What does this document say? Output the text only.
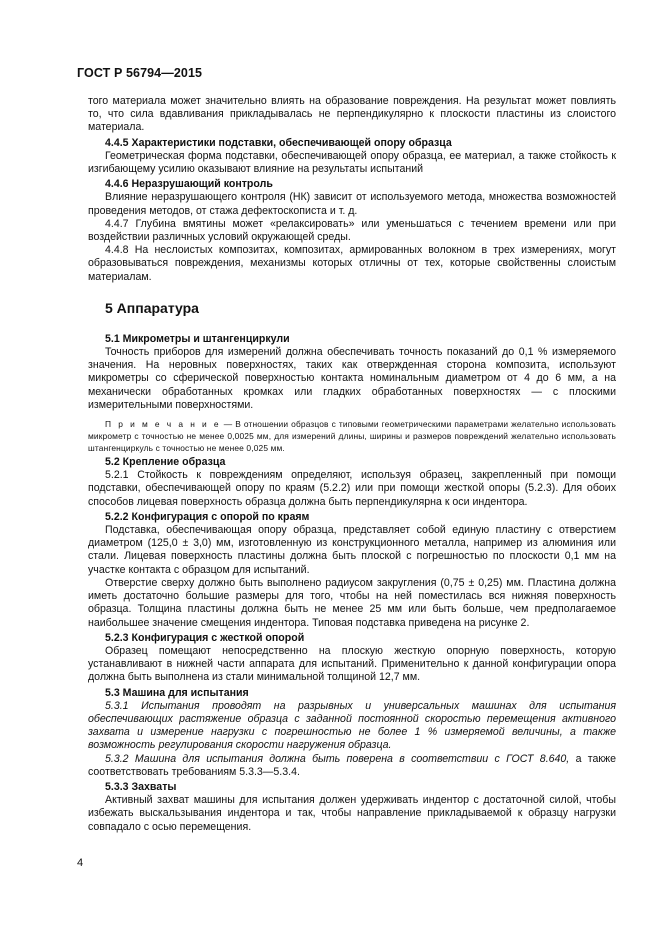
ГОСТ Р 56794—2015

того материала может значительно влиять на образование повреждения. На результат может повлиять то, что сила вдавливания прикладывалась не перпендикулярно к плоскости пластины из слоистого материала.

4.4.5 Характеристики подставки, обеспечивающей опору образца

Геометрическая форма подставки, обеспечивающей опору образца, ее материал, а также стойкость к изгибающему усилию оказывают влияние на результаты испытаний

4.4.6 Неразрушающий контроль

Влияние неразрушающего контроля (НК) зависит от используемого метода, множества возможностей проведения методов, от стажа дефектоскописта и т. д.

4.4.7 Глубина вмятины может «релаксировать» или уменьшаться с течением времени или при воздействии различных условий окружающей среды.

4.4.8 На неслоистых композитах, композитах, армированных волокном в трех измерениях, могут образовываться повреждения, механизмы которых отличны от тех, которые свойственны слоистым материалам.

5 Аппаратура

5.1 Микрометры и штангенциркули

Точность приборов для измерений должна обеспечивать точность показаний до 0,1 % измеряемого значения. На неровных поверхностях, таких как отвержденная сторона композита, используют микрометры со сферической поверхностью контакта номинальным диаметром от 4 до 6 мм, а на механически обработанных кромках или гладких обработанных поверхностях — с плоскими измерительными поверхностями.

П р и м е ч а н и е — В отношении образцов с типовыми геометрическими параметрами желательно использовать микрометр с точностью не менее 0,0025 мм, для измерений длины, ширины и размеров повреждений желательно использовать штангенциркуль с точностью не менее 0,025 мм.

5.2 Крепление образца

5.2.1 Стойкость к повреждениям определяют, используя образец, закрепленный при помощи подставки, обеспечивающей опору по краям (5.2.2) или при помощи жесткой опоры (5.2.3). Для обоих способов лицевая поверхность образца должна быть перпендикулярна к оси индентора.

5.2.2 Конфигурация с опорой по краям

Подставка, обеспечивающая опору образца, представляет собой единую пластину с отверстием диаметром (125,0 ± 3,0) мм, изготовленную из конструкционного металла, например из алюминия или стали. Лицевая поверхность пластины должна быть плоской с погрешностью по плоскости 0,1 мм на участке контакта с образцом для испытаний.

Отверстие сверху должно быть выполнено радиусом закругления (0,75 ± 0,25) мм. Пластина должна иметь достаточно большие размеры для того, чтобы на ней поместилась вся нижняя поверхность образца. Толщина пластины должна быть не менее 25 мм или быть больше, чем предполагаемое наибольшее значение смещения индентора. Типовая подставка приведена на рисунке 2.

5.2.3 Конфигурация с жесткой опорой

Образец помещают непосредственно на плоскую жесткую опорную поверхность, которую устанавливают в нижней части аппарата для испытаний. Применительно к данной конфигурации опора должна быть выполнена из стали минимальной толщиной 12,7 мм.

5.3 Машина для испытания

5.3.1 Испытания проводят на разрывных и универсальных машинах для испытания обеспечивающих растяжение образца с заданной постоянной скоростью перемещения активного захвата и измерение нагрузки с погрешностью не более 1 % измеряемой величины, а также возможность регулирования скорости нагружения образца.

5.3.2 Машина для испытания должна быть поверена в соответствии с ГОСТ 8.640, а также соответствовать требованиям 5.3.3—5.3.4.

5.3.3 Захваты

Активный захват машины для испытания должен удерживать индентор с достаточной силой, чтобы избежать выскальзывания индентора и так, чтобы направление прикладываемой к образцу нагрузки совпадало с осью перемещения.

4
